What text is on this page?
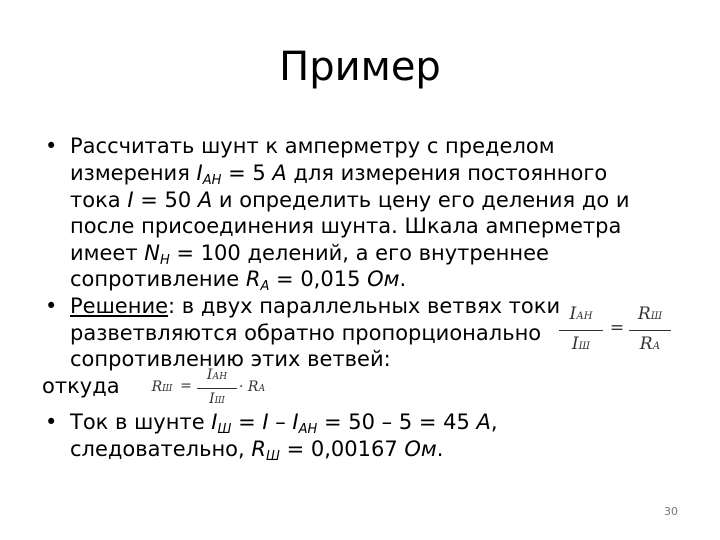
Пример
• Рассчитать шунт к амперметру с пределом
измерения $I_{АН} = 5$ А для измерения постоянного
тока I = 50 А и определить цену его деления до и
после присоединения шунта. Шкала амперметра
имеет $N_Н = 100$ делений, а его внутреннее
сопротивление $R_А = 0,015$ Ом.
• Решение: в двух параллельных ветвях токи
разветвляются обратно пропорционально
сопротивлению этих ветвей:
IАН
IШ
=
RШ
RА
откуда	RШ =
IАН
IШ
· RА
• Ток в шунте $I_Ш = I - I_{АН} = 50 - 5 = 45$ А,
следовательно, $R_Ш = 0,00167$ Ом.
30
